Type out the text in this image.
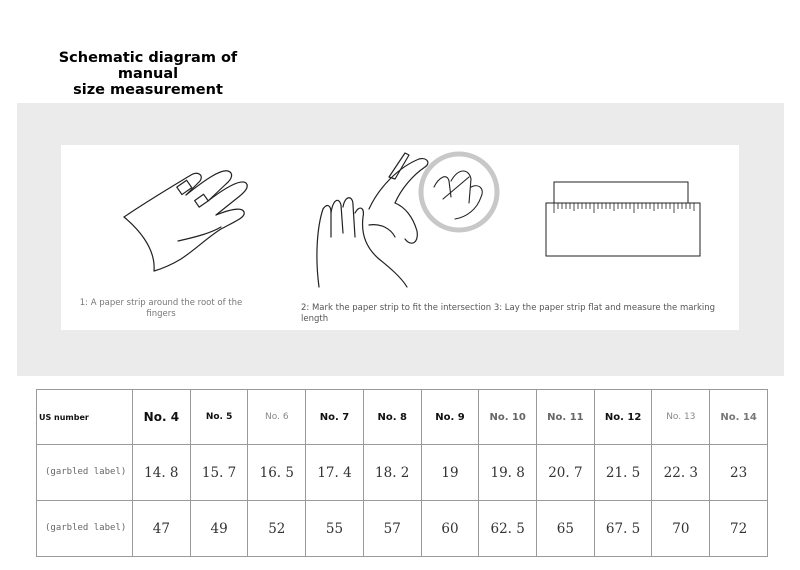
Schematic diagram of manual
size measurement
1: A paper strip around the root of the fingers
2: Mark the paper strip to fit the intersection 3: Lay the paper strip flat and measure the marking length
US number	No. 4	No. 5	No. 6	No. 7	No. 8	No. 9	No. 10	No. 11	No. 12	No. 13	No. 14
(garbled label)	14. 8	15. 7	16. 5	17. 4	18. 2	19	19. 8	20. 7	21. 5	22. 3	23
(garbled label)	47	49	52	55	57	60	62. 5	65	67. 5	70	72
